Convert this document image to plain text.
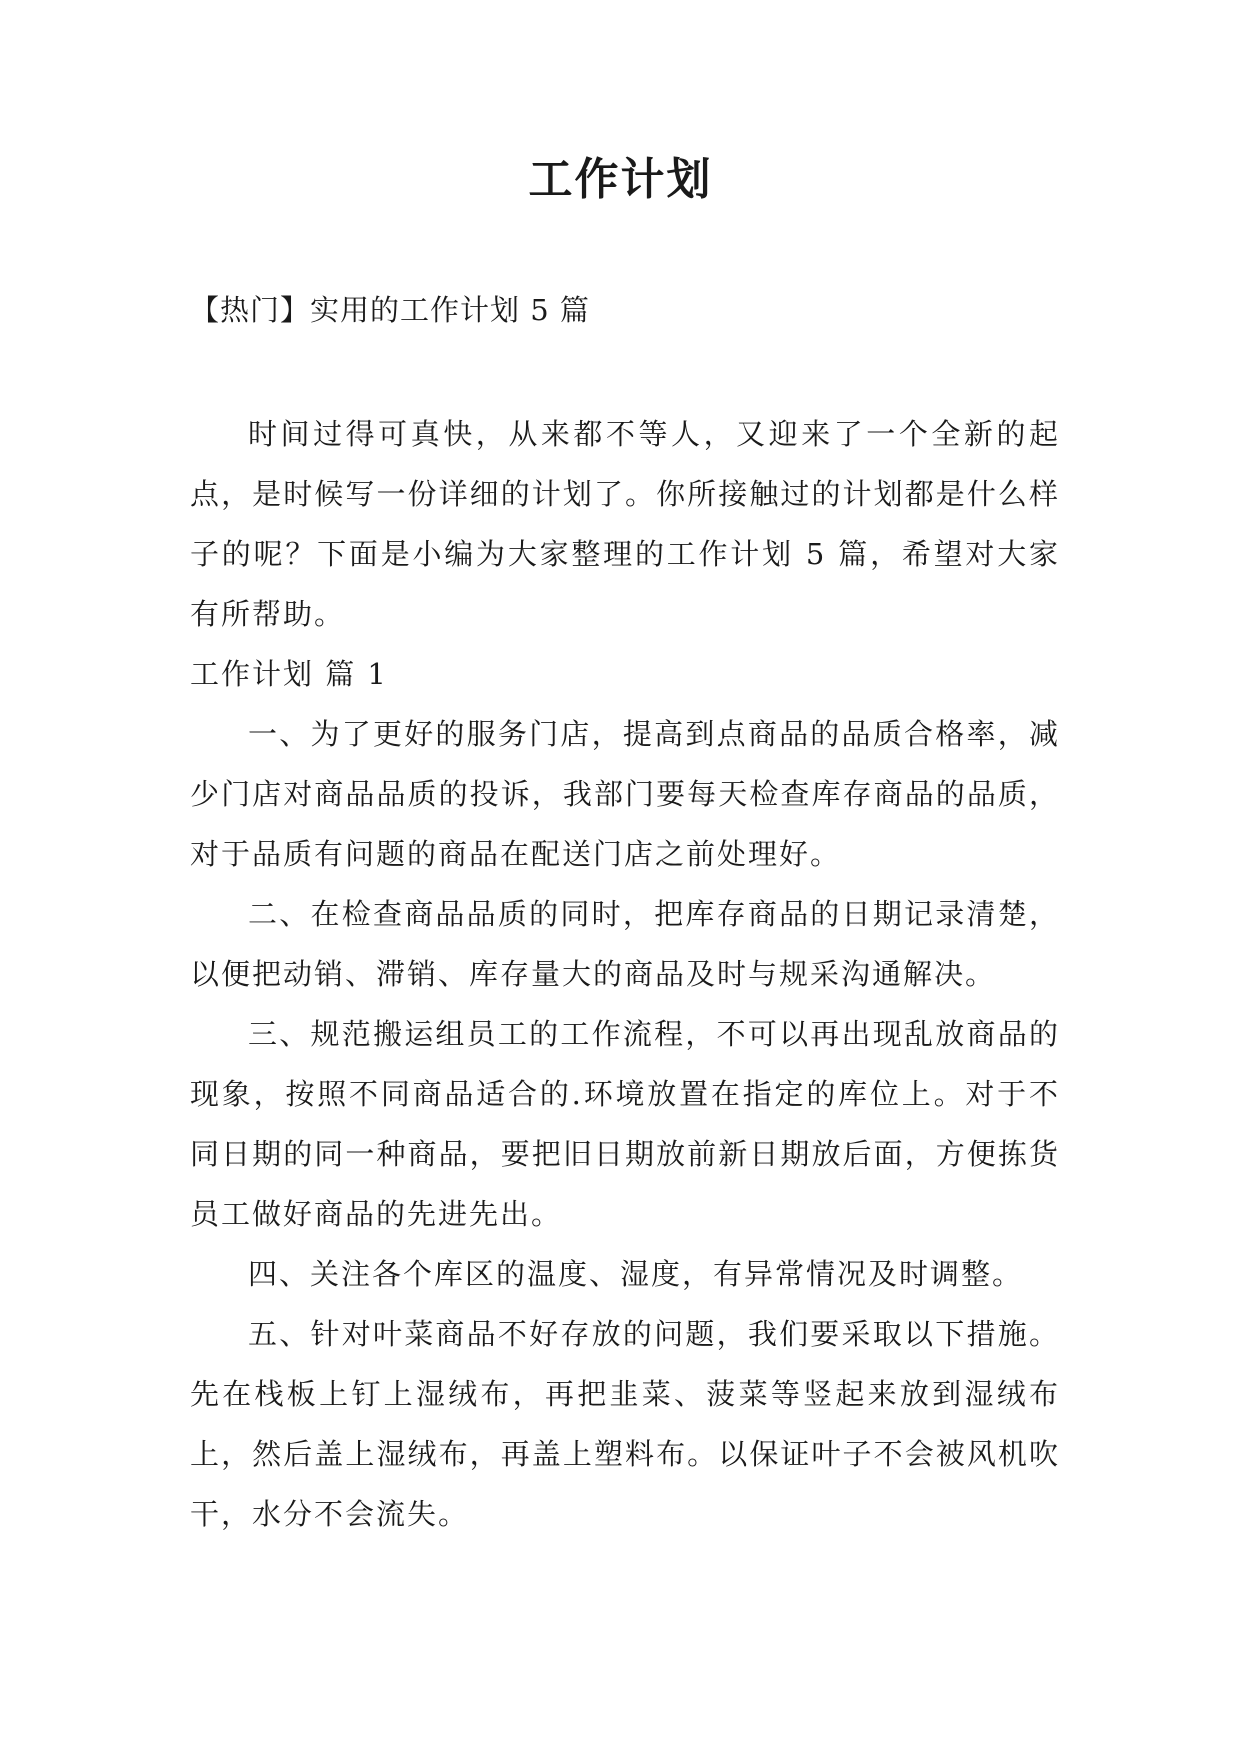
工作计划

【热门】实用的工作计划 5 篇

时间过得可真快，从来都不等人，又迎来了一个全新的起点，是时候写一份详细的计划了。你所接触过的计划都是什么样子的呢？下面是小编为大家整理的工作计划 5 篇，希望对大家有所帮助。

工作计划 篇 1

一、为了更好的服务门店，提高到点商品的品质合格率，减少门店对商品品质的投诉，我部门要每天检查库存商品的品质，对于品质有问题的商品在配送门店之前处理好。

二、在检查商品品质的同时，把库存商品的日期记录清楚，以便把动销、滞销、库存量大的商品及时与规采沟通解决。

三、规范搬运组员工的工作流程，不可以再出现乱放商品的现象，按照不同商品适合的.环境放置在指定的库位上。对于不同日期的同一种商品，要把旧日期放前新日期放后面，方便拣货员工做好商品的先进先出。

四、关注各个库区的温度、湿度，有异常情况及时调整。

五、针对叶菜商品不好存放的问题，我们要采取以下措施。先在栈板上钉上湿绒布，再把韭菜、菠菜等竖起来放到湿绒布上，然后盖上湿绒布，再盖上塑料布。以保证叶子不会被风机吹干，水分不会流失。
